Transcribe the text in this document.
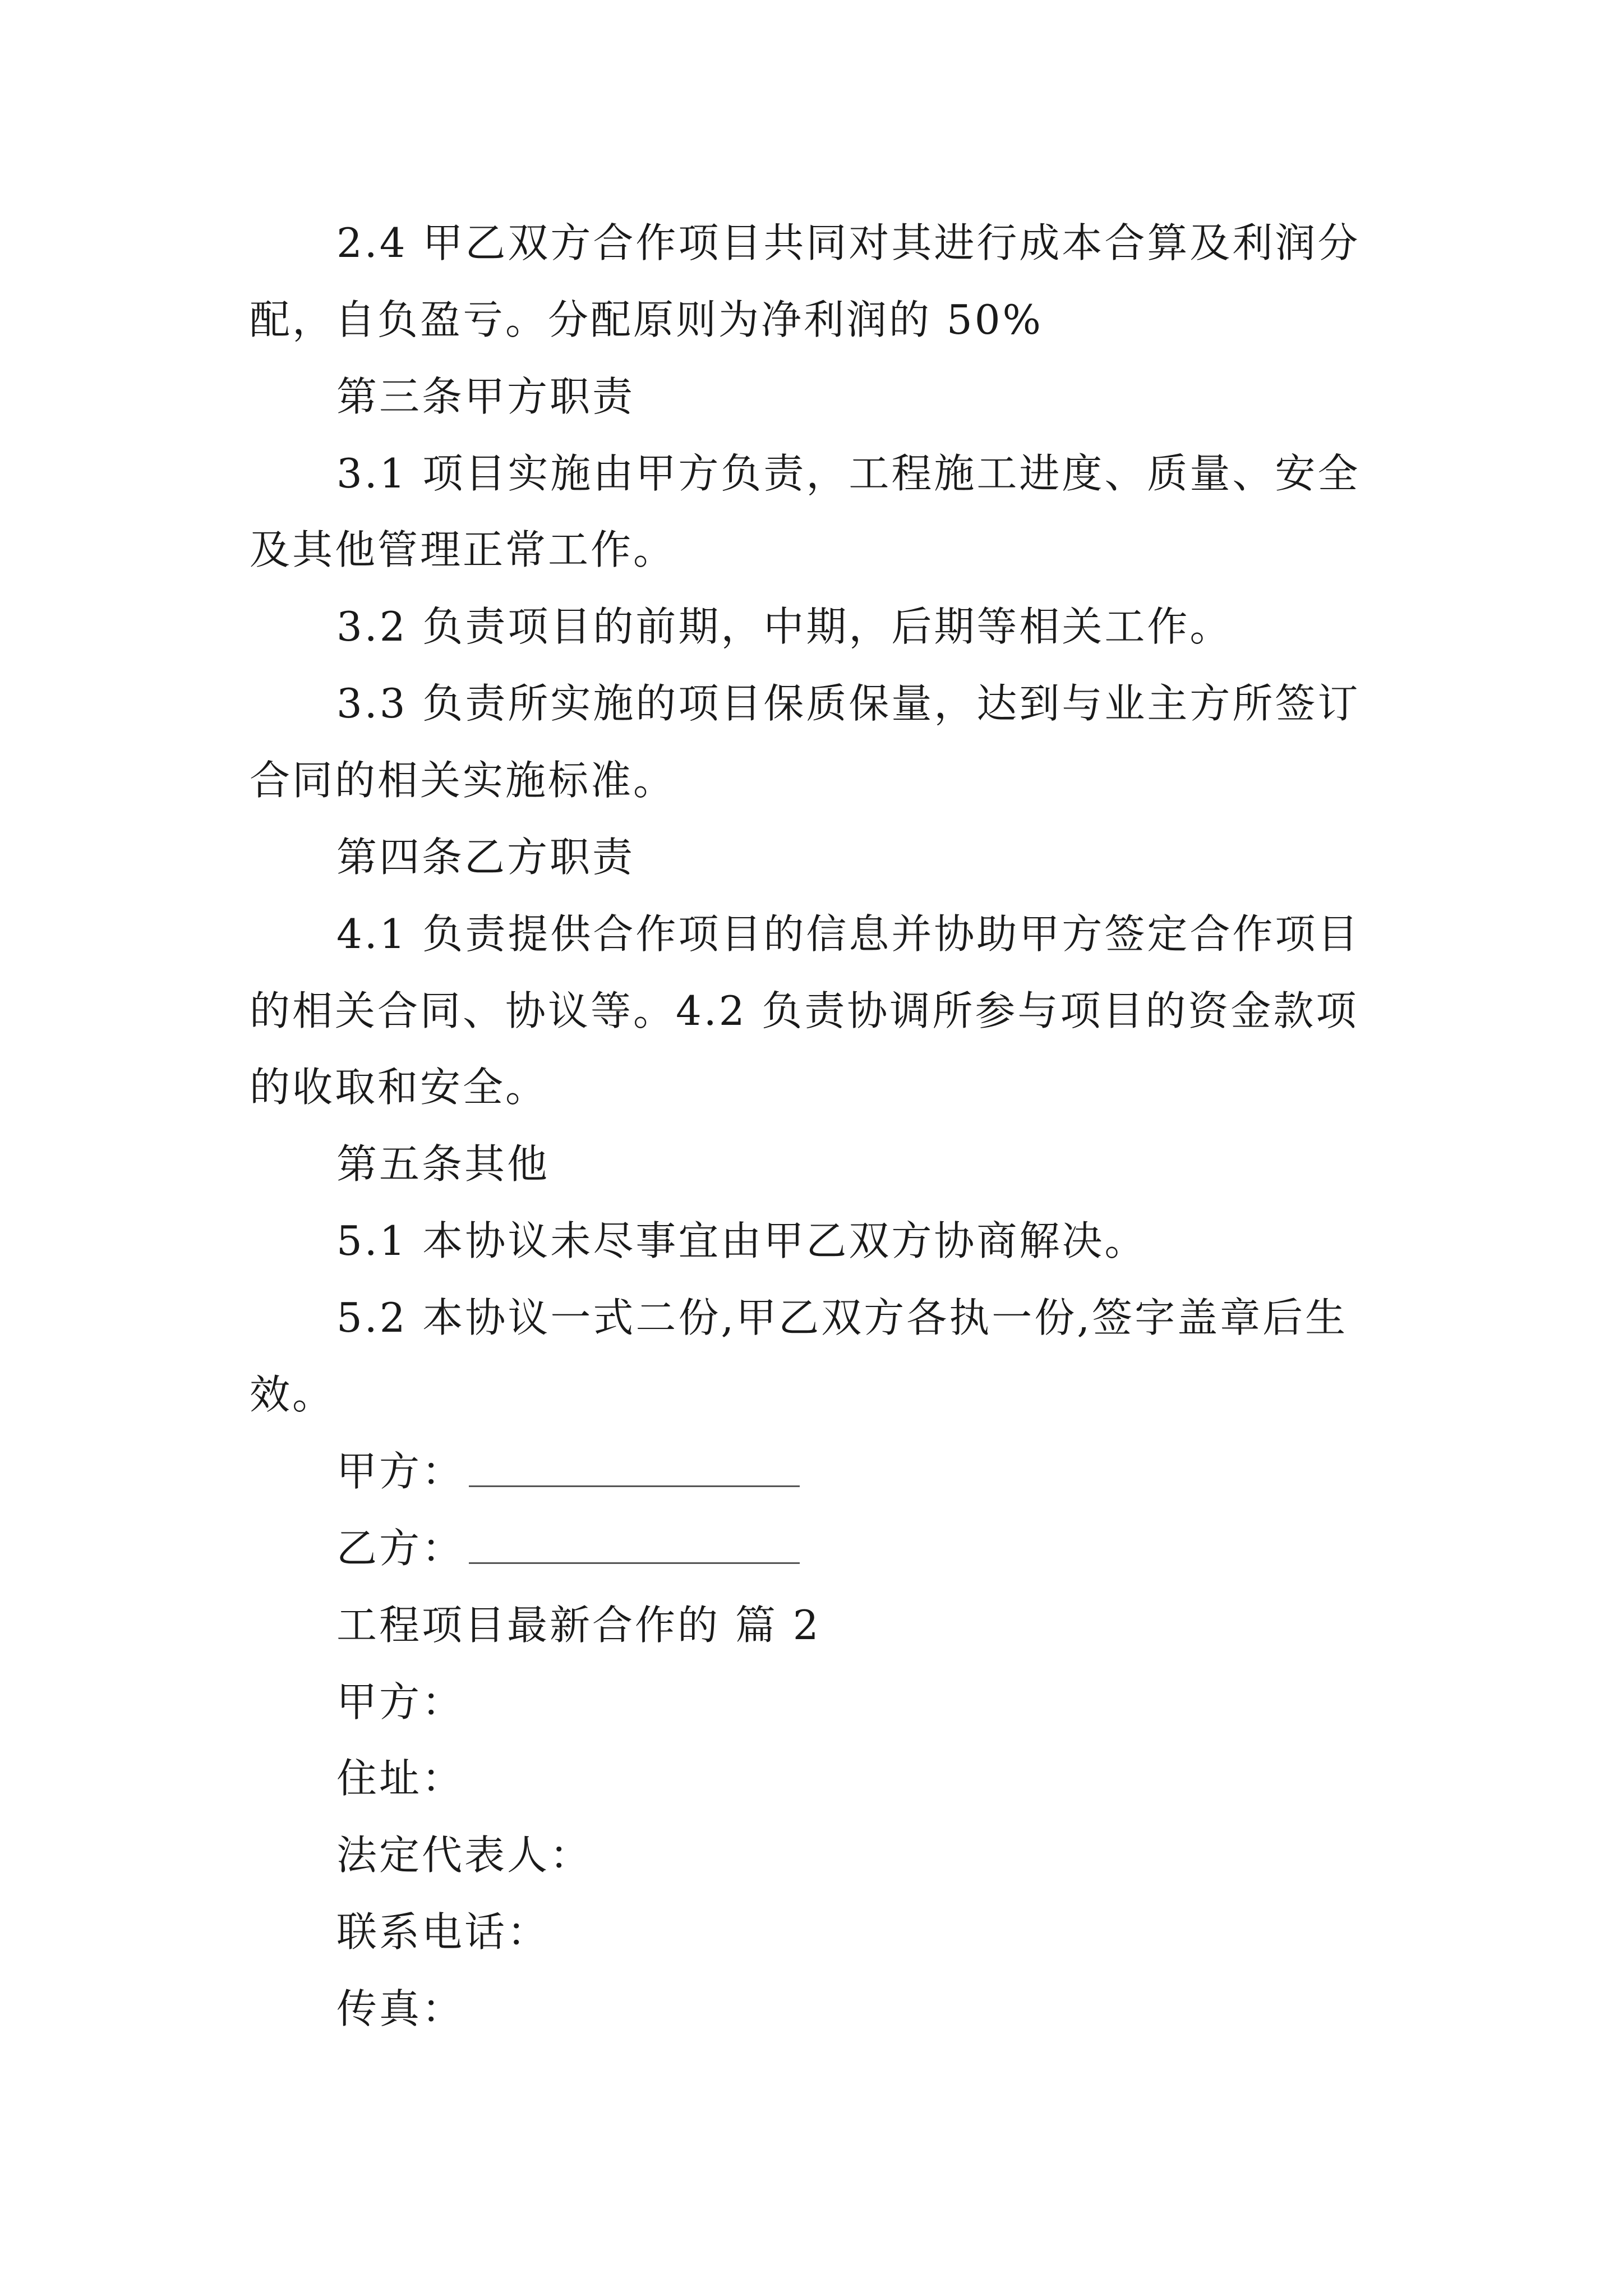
2.4 甲乙双方合作项目共同对其进行成本合算及利润分
配，自负盈亏。分配原则为净利润的 50%
第三条甲方职责
3.1 项目实施由甲方负责，工程施工进度、质量、安全
及其他管理正常工作。
3.2 负责项目的前期，中期，后期等相关工作。
3.3 负责所实施的项目保质保量，达到与业主方所签订
合同的相关实施标准。
第四条乙方职责
4.1 负责提供合作项目的信息并协助甲方签定合作项目
的相关合同、协议等。4.2 负责协调所参与项目的资金款项
的收取和安全。
第五条其他
5.1 本协议未尽事宜由甲乙双方协商解决。
5.2 本协议一式二份,甲乙双方各执一份,签字盖章后生
效。
甲方：
乙方：
工程项目最新合作的 篇 2
甲方：
住址：
法定代表人：
联系电话：
传真：
